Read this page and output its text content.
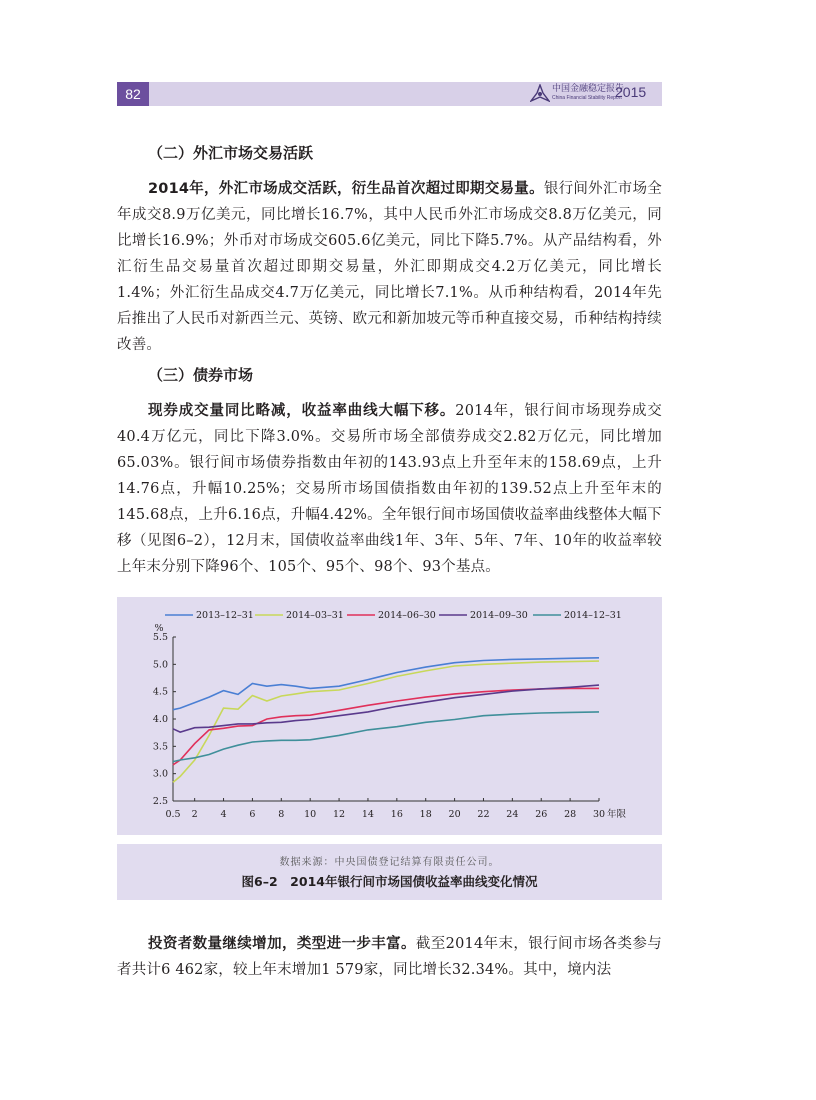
82	中国金融稳定报告
China Financial Stability Report
2015
（二）外汇市场交易活跃

2014年，外汇市场成交活跃，衍生品首次超过即期交易量。银行间外汇市场全年成交8.9万亿美元，同比增长16.7%，其中人民币外汇市场成交8.8万亿美元，同比增长16.9%；外币对市场成交605.6亿美元，同比下降5.7%。从产品结构看，外汇衍生品交易量首次超过即期交易量，外汇即期成交4.2万亿美元，同比增长1.4%；外汇衍生品成交4.7万亿美元，同比增长7.1%。从币种结构看，2014年先后推出了人民币对新西兰元、英镑、欧元和新加坡元等币种直接交易，币种结构持续改善。

（三）债券市场

现券成交量同比略减，收益率曲线大幅下移。2014年，银行间市场现券成交40.4万亿元，同比下降3.0%。交易所市场全部债券成交2.82万亿元，同比增加65.03%。银行间市场债券指数由年初的143.93点上升至年末的158.69点，上升14.76点，升幅10.25%；交易所市场国债指数由年初的139.52点上升至年末的145.68点，上升6.16点，升幅4.42%。全年银行间市场国债收益率曲线整体大幅下移（见图6–2），12月末，国债收益率曲线1年、3年、5年、7年、10年的收益率较上年末分别下降96个、105个、95个、98个、93个基点。

2.5
3.0
3.5
4.0
4.5
5.0
5.5
%
0.5 2 4 6 8 10 12 14 16 18 20 22 24 26 28 30 年限
2013–12–31	2014–03–31	2014–06–30	2014–09–30	2014–12–31
数据来源：中央国债登记结算有限责任公司。
图6–2　2014年银行间市场国债收益率曲线变化情况

投资者数量继续增加，类型进一步丰富。截至2014年末，银行间市场各类参与者共计6 462家，较上年末增加1 579家，同比增长32.34%。其中，境内法
